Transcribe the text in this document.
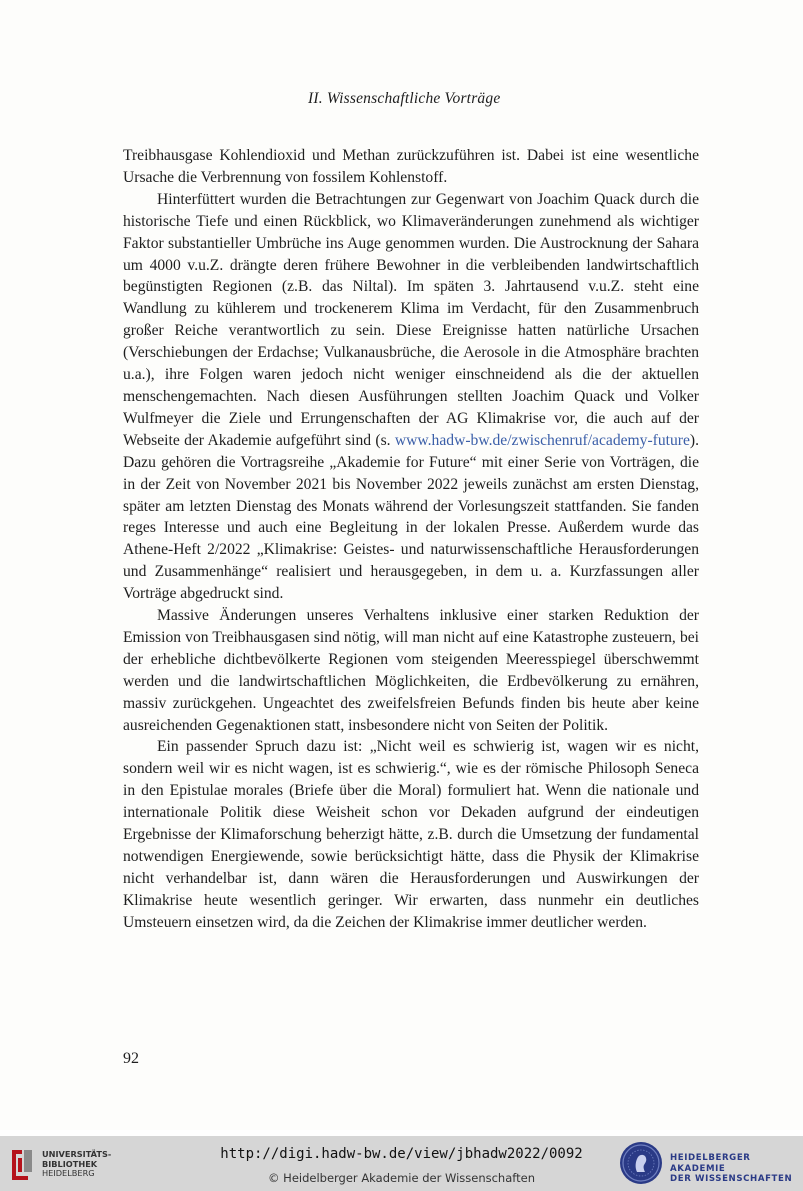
II. Wissenschaftliche Vorträge

Treibhausgase Kohlendioxid und Methan zurückzuführen ist. Dabei ist eine wesentliche Ursache die Verbrennung von fossilem Kohlenstoff.

Hinterfüttert wurden die Betrachtungen zur Gegenwart von Joachim Quack durch die historische Tiefe und einen Rückblick, wo Klimaveränderungen zunehmend als wichtiger Faktor substantieller Umbrüche ins Auge genommen wurden. Die Austrocknung der Sahara um 4000 v.u.Z. drängte deren frühere Bewohner in die verbleibenden landwirtschaftlich begünstigten Regionen (z.B. das Niltal). Im späten 3. Jahrtausend v.u.Z. steht eine Wandlung zu kühlerem und trockenerem Klima im Verdacht, für den Zusammenbruch großer Reiche verantwortlich zu sein. Diese Ereignisse hatten natürliche Ursachen (Verschiebungen der Erdachse; Vulkanausbrüche, die Aerosole in die Atmosphäre brachten u.a.), ihre Folgen waren jedoch nicht weniger einschneidend als die der aktuellen menschengemachten. Nach diesen Ausführungen stellten Joachim Quack und Volker Wulfmeyer die Ziele und Errungenschaften der AG Klimakrise vor, die auch auf der Webseite der Akademie aufgeführt sind (s. www.hadw-bw.de/zwischenruf/academy-future). Dazu gehören die Vortragsreihe „Akademie for Future“ mit einer Serie von Vorträgen, die in der Zeit von November 2021 bis November 2022 jeweils zunächst am ersten Dienstag, später am letzten Dienstag des Monats während der Vorlesungszeit stattfanden. Sie fanden reges Interesse und auch eine Begleitung in der lokalen Presse. Außerdem wurde das Athene-Heft 2/2022 „Klimakrise: Geistes- und naturwissenschaftliche Herausforderungen und Zusammenhänge“ realisiert und herausgegeben, in dem u. a. Kurzfassungen aller Vorträge abgedruckt sind.

Massive Änderungen unseres Verhaltens inklusive einer starken Reduktion der Emission von Treibhausgasen sind nötig, will man nicht auf eine Katastrophe zusteuern, bei der erhebliche dichtbevölkerte Regionen vom steigenden Meeresspiegel überschwemmt werden und die landwirtschaftlichen Möglichkeiten, die Erdbevölkerung zu ernähren, massiv zurückgehen. Ungeachtet des zweifelsfreien Befunds finden bis heute aber keine ausreichenden Gegenaktionen statt, insbesondere nicht von Seiten der Politik.

Ein passender Spruch dazu ist: „Nicht weil es schwierig ist, wagen wir es nicht, sondern weil wir es nicht wagen, ist es schwierig.“, wie es der römische Philosoph Seneca in den Epistulae morales (Briefe über die Moral) formuliert hat. Wenn die nationale und internationale Politik diese Weisheit schon vor Dekaden aufgrund der eindeutigen Ergebnisse der Klimaforschung beherzigt hätte, z.B. durch die Umsetzung der fundamental notwendigen Energiewende, sowie berücksichtigt hätte, dass die Physik der Klimakrise nicht verhandelbar ist, dann wären die Herausforderungen und Auswirkungen der Klimakrise heute wesentlich geringer. Wir erwarten, dass nunmehr ein deutliches Umsteuern einsetzen wird, da die Zeichen der Klimakrise immer deutlicher werden.

92
UNIVERSITÄTS-
BIBLIOTHEK
HEIDELBERG
http://digi.hadw-bw.de/view/jbhadw2022/0092
© Heidelberger Akademie der Wissenschaften
HEIDELBERGER AKADEMIE
DER WISSENSCHAFTEN
